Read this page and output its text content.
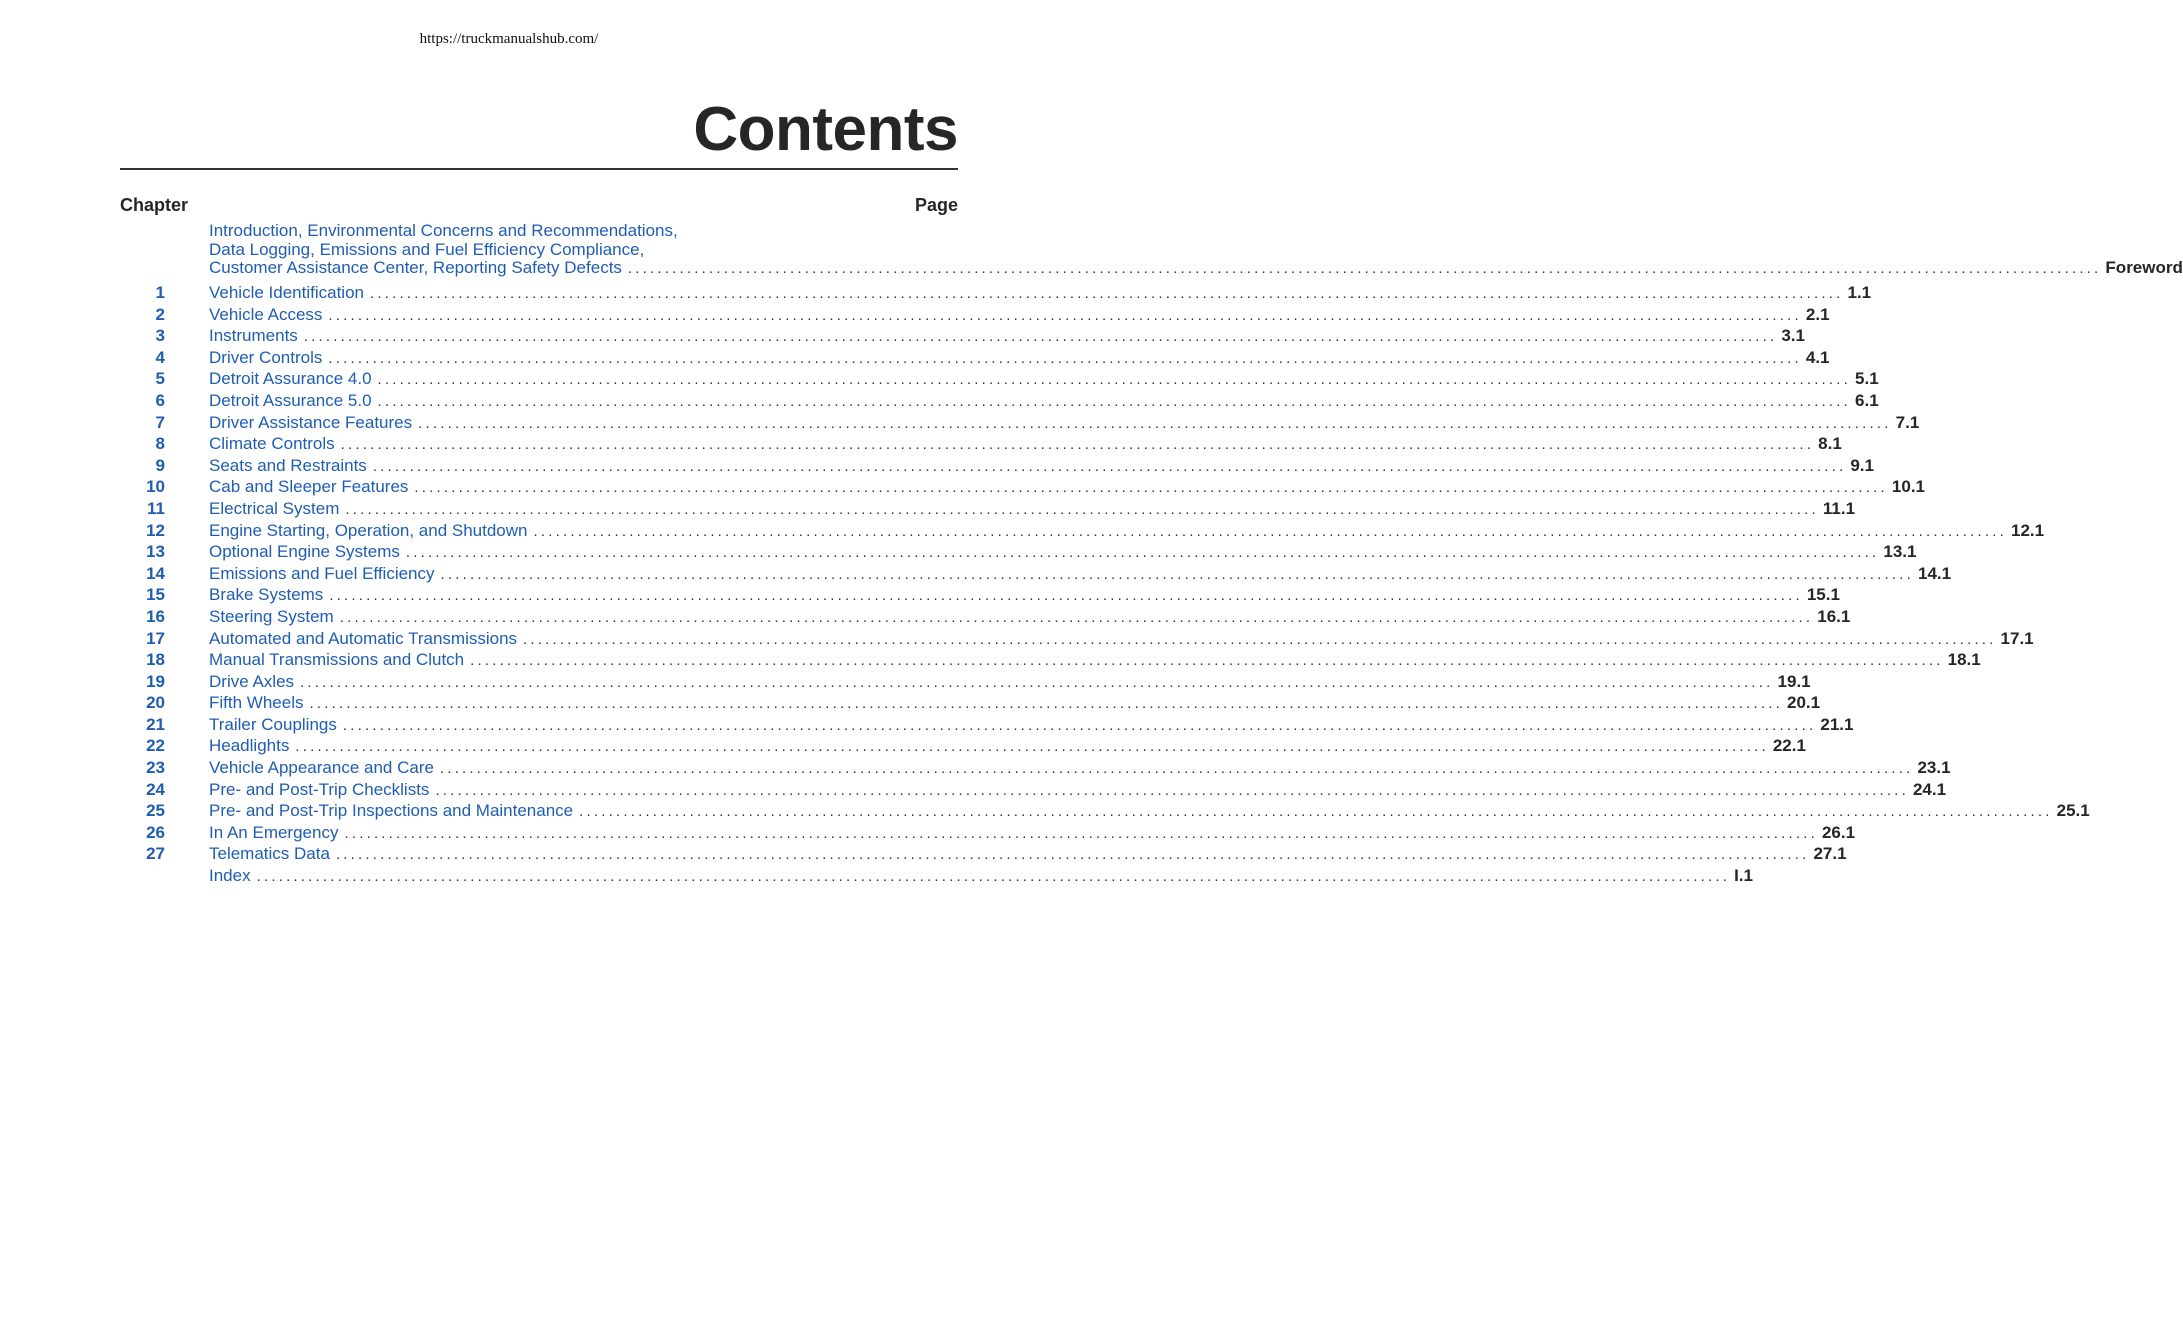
https://truckmanualshub.com/
Contents
Chapter	Page
Introduction, Environmental Concerns and Recommendations,
Data Logging, Emissions and Fuel Efficiency Compliance,
Customer Assistance Center, Reporting Safety Defects ........................................................................................................................................................................................................ Foreword
1	Vehicle Identification ........................................................................................................................................................................................................ 1.1
2	Vehicle Access ........................................................................................................................................................................................................ 2.1
3	Instruments ........................................................................................................................................................................................................ 3.1
4	Driver Controls ........................................................................................................................................................................................................ 4.1
5	Detroit Assurance 4.0 ........................................................................................................................................................................................................ 5.1
6	Detroit Assurance 5.0 ........................................................................................................................................................................................................ 6.1
7	Driver Assistance Features ........................................................................................................................................................................................................ 7.1
8	Climate Controls ........................................................................................................................................................................................................ 8.1
9	Seats and Restraints ........................................................................................................................................................................................................ 9.1
10	Cab and Sleeper Features ........................................................................................................................................................................................................ 10.1
11	Electrical System ........................................................................................................................................................................................................ 11.1
12	Engine Starting, Operation, and Shutdown ........................................................................................................................................................................................................ 12.1
13	Optional Engine Systems ........................................................................................................................................................................................................ 13.1
14	Emissions and Fuel Efficiency ........................................................................................................................................................................................................ 14.1
15	Brake Systems ........................................................................................................................................................................................................ 15.1
16	Steering System ........................................................................................................................................................................................................ 16.1
17	Automated and Automatic Transmissions ........................................................................................................................................................................................................ 17.1
18	Manual Transmissions and Clutch ........................................................................................................................................................................................................ 18.1
19	Drive Axles ........................................................................................................................................................................................................ 19.1
20	Fifth Wheels ........................................................................................................................................................................................................ 20.1
21	Trailer Couplings ........................................................................................................................................................................................................ 21.1
22	Headlights ........................................................................................................................................................................................................ 22.1
23	Vehicle Appearance and Care ........................................................................................................................................................................................................ 23.1
24	Pre- and Post-Trip Checklists ........................................................................................................................................................................................................ 24.1
25	Pre- and Post-Trip Inspections and Maintenance ........................................................................................................................................................................................................ 25.1
26	In An Emergency ........................................................................................................................................................................................................ 26.1
27	Telematics Data ........................................................................................................................................................................................................ 27.1
Index ........................................................................................................................................................................................................ I.1
